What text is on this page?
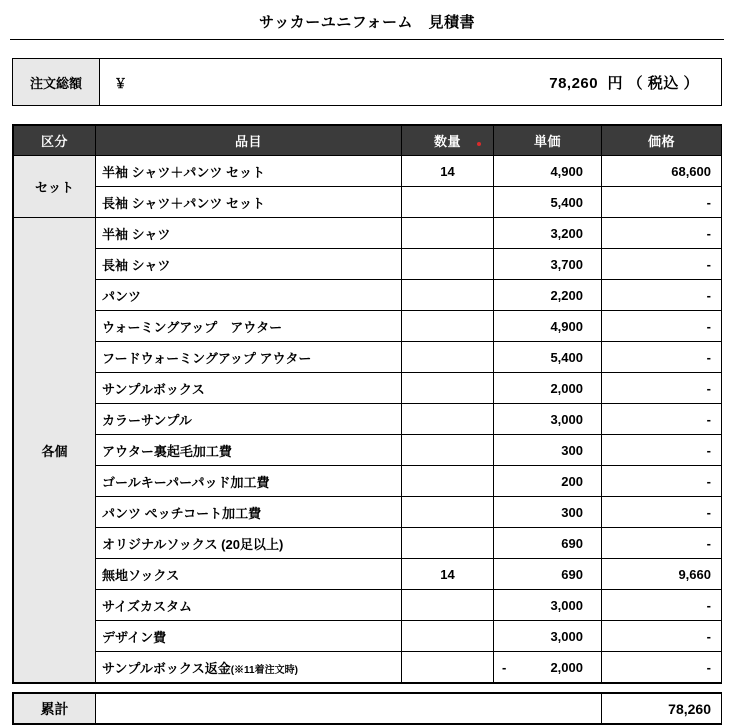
サッカーユニフォーム　見積書
注文総額	￥	78,260 円 （ 税込 ）
区分	品目	数量	単価	価格
セット	半袖 シャツ＋パンツ セット	14	4,900	68,600
	長袖 シャツ＋パンツ セット		5,400	-
各個	半袖 シャツ		3,200	-
	長袖 シャツ		3,700	-
	パンツ		2,200	-
	ウォーミングアップ　アウター		4,900	-
	フードウォーミングアップ アウター		5,400	-
	サンプルボックス		2,000	-
	カラーサンプル		3,000	-
	アウター裏起毛加工費		300	-
	ゴールキーパーパッド加工費		200	-
	パンツ ペッチコート加工費		300	-
	オリジナルソックス (20足以上)		690	-
	無地ソックス	14	690	9,660
	サイズカスタム		3,000	-
	デザイン費		3,000	-
	サンプルボックス返金(※11着注文時)		- 2,000	-
累計		78,260
